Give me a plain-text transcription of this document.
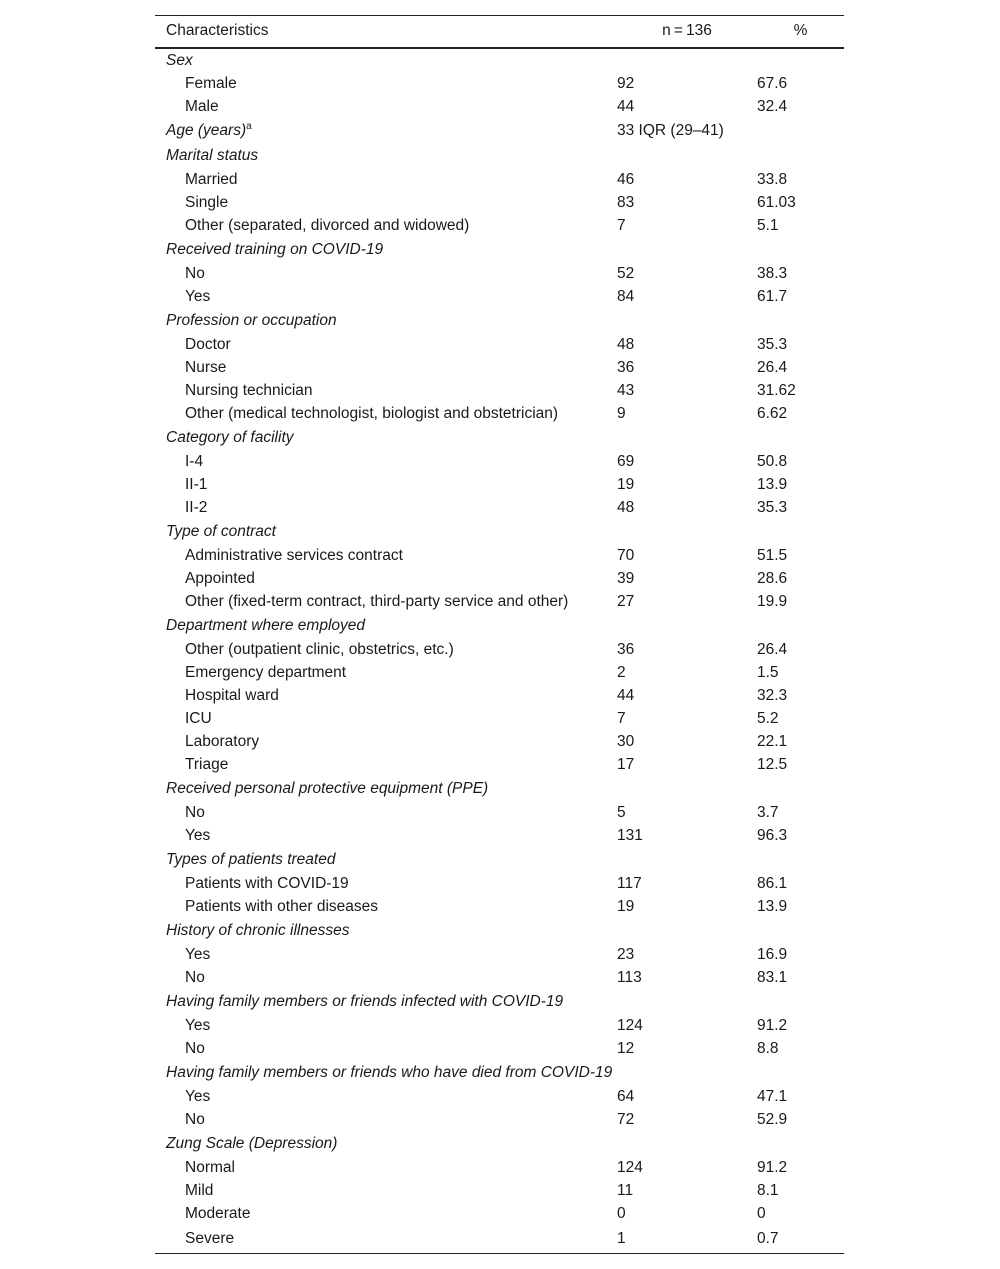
Characteristics	n = 136	%
Sex		
Female	92	67.6
Male	44	32.4
Age (years)$^a$	33 IQR (29–41)	
Marital status		
Married	46	33.8
Single	83	61.03
Other (separated, divorced and widowed)	7	5.1
Received training on COVID-19		
No	52	38.3
Yes	84	61.7
Profession or occupation		
Doctor	48	35.3
Nurse	36	26.4
Nursing technician	43	31.62
Other (medical technologist, biologist and obstetrician)	9	6.62
Category of facility		
I-4	69	50.8
II-1	19	13.9
II-2	48	35.3
Type of contract		
Administrative services contract	70	51.5
Appointed	39	28.6
Other (fixed-term contract, third-party service and other)	27	19.9
Department where employed		
Other (outpatient clinic, obstetrics, etc.)	36	26.4
Emergency department	2	1.5
Hospital ward	44	32.3
ICU	7	5.2
Laboratory	30	22.1
Triage	17	12.5
Received personal protective equipment (PPE)		
No	5	3.7
Yes	131	96.3
Types of patients treated		
Patients with COVID-19	117	86.1
Patients with other diseases	19	13.9
History of chronic illnesses		
Yes	23	16.9
No	113	83.1
Having family members or friends infected with COVID-19		
Yes	124	91.2
No	12	8.8
Having family members or friends who have died from COVID-19		
Yes	64	47.1
No	72	52.9
Zung Scale (Depression)		
Normal	124	91.2
Mild	11	8.1
Moderate	0	0
Severe	1	0.7
